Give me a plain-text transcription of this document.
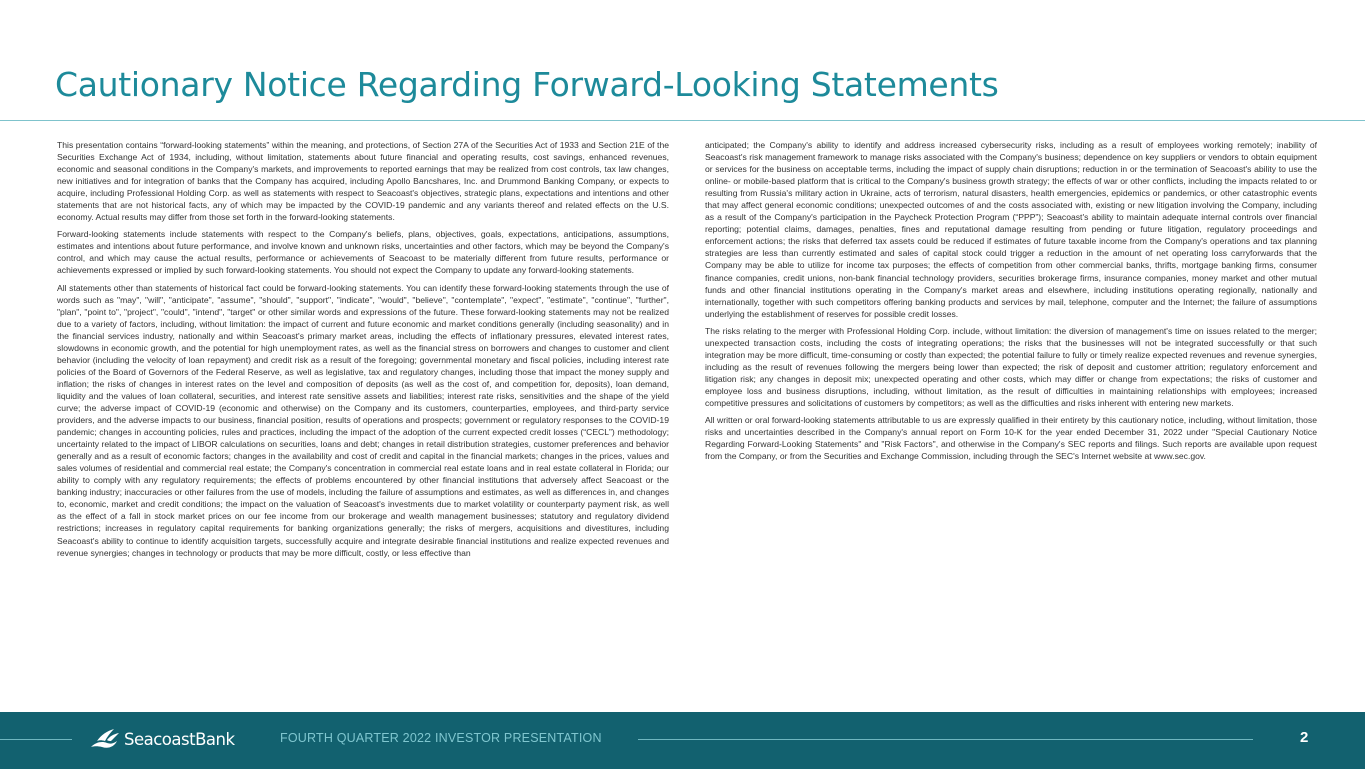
Cautionary Notice Regarding Forward-Looking Statements

This presentation contains “forward-looking statements” within the meaning, and protections, of Section 27A of the Securities Act of 1933 and Section 21E of the Securities Exchange Act of 1934, including, without limitation, statements about future financial and operating results, cost savings, enhanced revenues, economic and seasonal conditions in the Company's markets, and improvements to reported earnings that may be realized from cost controls, tax law changes, new initiatives and for integration of banks that the Company has acquired, including Apollo Bancshares, Inc. and Drummond Banking Company, or expects to acquire, including Professional Holding Corp. as well as statements with respect to Seacoast's objectives, strategic plans, expectations and intentions and other statements that are not historical facts, any of which may be impacted by the COVID-19 pandemic and any variants thereof and related effects on the U.S. economy. Actual results may differ from those set forth in the forward-looking statements.

Forward-looking statements include statements with respect to the Company's beliefs, plans, objectives, goals, expectations, anticipations, assumptions, estimates and intentions about future performance, and involve known and unknown risks, uncertainties and other factors, which may be beyond the Company's control, and which may cause the actual results, performance or achievements of Seacoast to be materially different from future results, performance or achievements expressed or implied by such forward-looking statements. You should not expect the Company to update any forward-looking statements.

All statements other than statements of historical fact could be forward-looking statements. You can identify these forward-looking statements through the use of words such as "may", "will", "anticipate", "assume", "should", "support", "indicate", "would", "believe", "contemplate", "expect", "estimate", "continue", "further", "plan", "point to", "project", "could", "intend", "target" or other similar words and expressions of the future. These forward-looking statements may not be realized due to a variety of factors, including, without limitation: the impact of current and future economic and market conditions generally (including seasonality) and in the financial services industry, nationally and within Seacoast's primary market areas, including the effects of inflationary pressures, elevated interest rates, slowdowns in economic growth, and the potential for high unemployment rates, as well as the financial stress on borrowers and changes to customer and client behavior (including the velocity of loan repayment) and credit risk as a result of the foregoing; governmental monetary and fiscal policies, including interest rate policies of the Board of Governors of the Federal Reserve, as well as legislative, tax and regulatory changes, including those that impact the money supply and inflation; the risks of changes in interest rates on the level and composition of deposits (as well as the cost of, and competition for, deposits), loan demand, liquidity and the values of loan collateral, securities, and interest rate sensitive assets and liabilities; interest rate risks, sensitivities and the shape of the yield curve; the adverse impact of COVID-19 (economic and otherwise) on the Company and its customers, counterparties, employees, and third-party service providers, and the adverse impacts to our business, financial position, results of operations and prospects; government or regulatory responses to the COVID-19 pandemic; changes in accounting policies, rules and practices, including the impact of the adoption of the current expected credit losses (“CECL”) methodology; uncertainty related to the impact of LIBOR calculations on securities, loans and debt; changes in retail distribution strategies, customer preferences and behavior generally and as a result of economic factors; changes in the availability and cost of credit and capital in the financial markets; changes in the prices, values and sales volumes of residential and commercial real estate; the Company's concentration in commercial real estate loans and in real estate collateral in Florida; our ability to comply with any regulatory requirements; the effects of problems encountered by other financial institutions that adversely affect Seacoast or the banking industry; inaccuracies or other failures from the use of models, including the failure of assumptions and estimates, as well as differences in, and changes to, economic, market and credit conditions; the impact on the valuation of Seacoast's investments due to market volatility or counterparty payment risk, as well as the effect of a fall in stock market prices on our fee income from our brokerage and wealth management businesses; statutory and regulatory dividend restrictions; increases in regulatory capital requirements for banking organizations generally; the risks of mergers, acquisitions and divestitures, including Seacoast's ability to continue to identify acquisition targets, successfully acquire and integrate desirable financial institutions and realize expected revenues and revenue synergies; changes in technology or products that may be more difficult, costly, or less effective than

anticipated; the Company's ability to identify and address increased cybersecurity risks, including as a result of employees working remotely; inability of Seacoast's risk management framework to manage risks associated with the Company's business; dependence on key suppliers or vendors to obtain equipment or services for the business on acceptable terms, including the impact of supply chain disruptions; reduction in or the termination of Seacoast's ability to use the online- or mobile-based platform that is critical to the Company's business growth strategy; the effects of war or other conflicts, including the impacts related to or resulting from Russia's military action in Ukraine, acts of terrorism, natural disasters, health emergencies, epidemics or pandemics, or other catastrophic events that may affect general economic conditions; unexpected outcomes of and the costs associated with, existing or new litigation involving the Company, including as a result of the Company's participation in the Paycheck Protection Program (“PPP”); Seacoast's ability to maintain adequate internal controls over financial reporting; potential claims, damages, penalties, fines and reputational damage resulting from pending or future litigation, regulatory proceedings and enforcement actions; the risks that deferred tax assets could be reduced if estimates of future taxable income from the Company's operations and tax planning strategies are less than currently estimated and sales of capital stock could trigger a reduction in the amount of net operating loss carryforwards that the Company may be able to utilize for income tax purposes; the effects of competition from other commercial banks, thrifts, mortgage banking firms, consumer finance companies, credit unions, non-bank financial technology providers, securities brokerage firms, insurance companies, money market and other mutual funds and other financial institutions operating in the Company's market areas and elsewhere, including institutions operating regionally, nationally and internationally, together with such competitors offering banking products and services by mail, telephone, computer and the Internet; the failure of assumptions underlying the establishment of reserves for possible credit losses.

The risks relating to the merger with Professional Holding Corp. include, without limitation: the diversion of management's time on issues related to the merger; unexpected transaction costs, including the costs of integrating operations; the risks that the businesses will not be integrated successfully or that such integration may be more difficult, time-consuming or costly than expected; the potential failure to fully or timely realize expected revenues and revenue synergies, including as the result of revenues following the mergers being lower than expected; the risk of deposit and customer attrition; regulatory enforcement and litigation risk; any changes in deposit mix; unexpected operating and other costs, which may differ or change from expectations; the risks of customer and employee loss and business disruptions, including, without limitation, as the result of difficulties in maintaining relationships with employees; increased competitive pressures and solicitations of customers by competitors; as well as the difficulties and risks inherent with entering new markets.

All written or oral forward-looking statements attributable to us are expressly qualified in their entirety by this cautionary notice, including, without limitation, those risks and uncertainties described in the Company's annual report on Form 10-K for the year ended December 31, 2022 under "Special Cautionary Notice Regarding Forward-Looking Statements" and "Risk Factors", and otherwise in the Company's SEC reports and filings. Such reports are available upon request from the Company, or from the Securities and Exchange Commission, including through the SEC's Internet website at www.sec.gov.

SeacoastBank	FOURTH QUARTER 2022 INVESTOR PRESENTATION	2
